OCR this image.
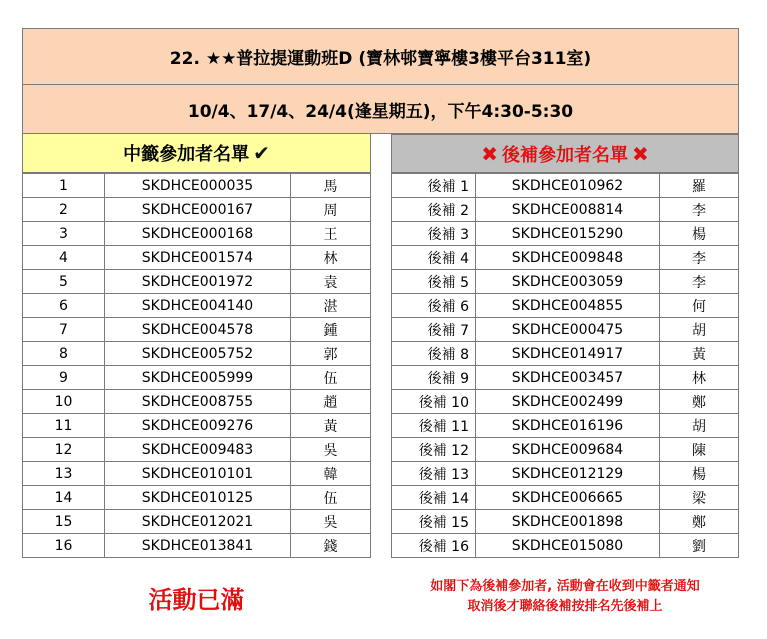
22. ★★普拉提運動班D (寶林邨寶寧樓3樓平台311室)
10/4、17/4、24/4(逢星期五)，下午4:30-5:30
中籤參加者名單 ✔
1	SKDHCE000035	馬
2	SKDHCE000167	周
3	SKDHCE000168	王
4	SKDHCE001574	林
5	SKDHCE001972	袁
6	SKDHCE004140	湛
7	SKDHCE004578	鍾
8	SKDHCE005752	郭
9	SKDHCE005999	伍
10	SKDHCE008755	趙
11	SKDHCE009276	黃
12	SKDHCE009483	吳
13	SKDHCE010101	韓
14	SKDHCE010125	伍
15	SKDHCE012021	吳
16	SKDHCE013841	錢
✖ 後補參加者名單 ✖
後補 1	SKDHCE010962	羅
後補 2	SKDHCE008814	李
後補 3	SKDHCE015290	楊
後補 4	SKDHCE009848	李
後補 5	SKDHCE003059	李
後補 6	SKDHCE004855	何
後補 7	SKDHCE000475	胡
後補 8	SKDHCE014917	黃
後補 9	SKDHCE003457	林
後補 10	SKDHCE002499	鄭
後補 11	SKDHCE016196	胡
後補 12	SKDHCE009684	陳
後補 13	SKDHCE012129	楊
後補 14	SKDHCE006665	梁
後補 15	SKDHCE001898	鄭
後補 16	SKDHCE015080	劉
活動已滿	如閣下為後補參加者, 活動會在收到中籤者通知
取消後才聯絡後補按排名先後補上
